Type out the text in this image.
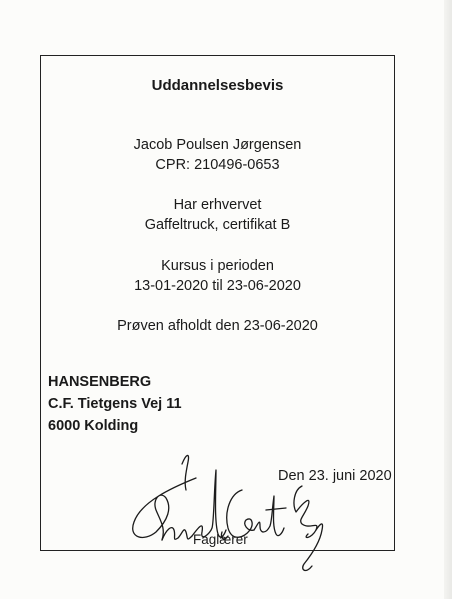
Uddannelsesbevis
Jacob Poulsen Jørgensen
CPR: 210496-0653
Har erhvervet
Gaffeltruck, certifikat B
Kursus i perioden
13-01-2020 til 23-06-2020
Prøven afholdt den 23-06-2020
HANSENBERG
C.F. Tietgens Vej 11
6000 Kolding
Den 23. juni 2020
Faglærer
